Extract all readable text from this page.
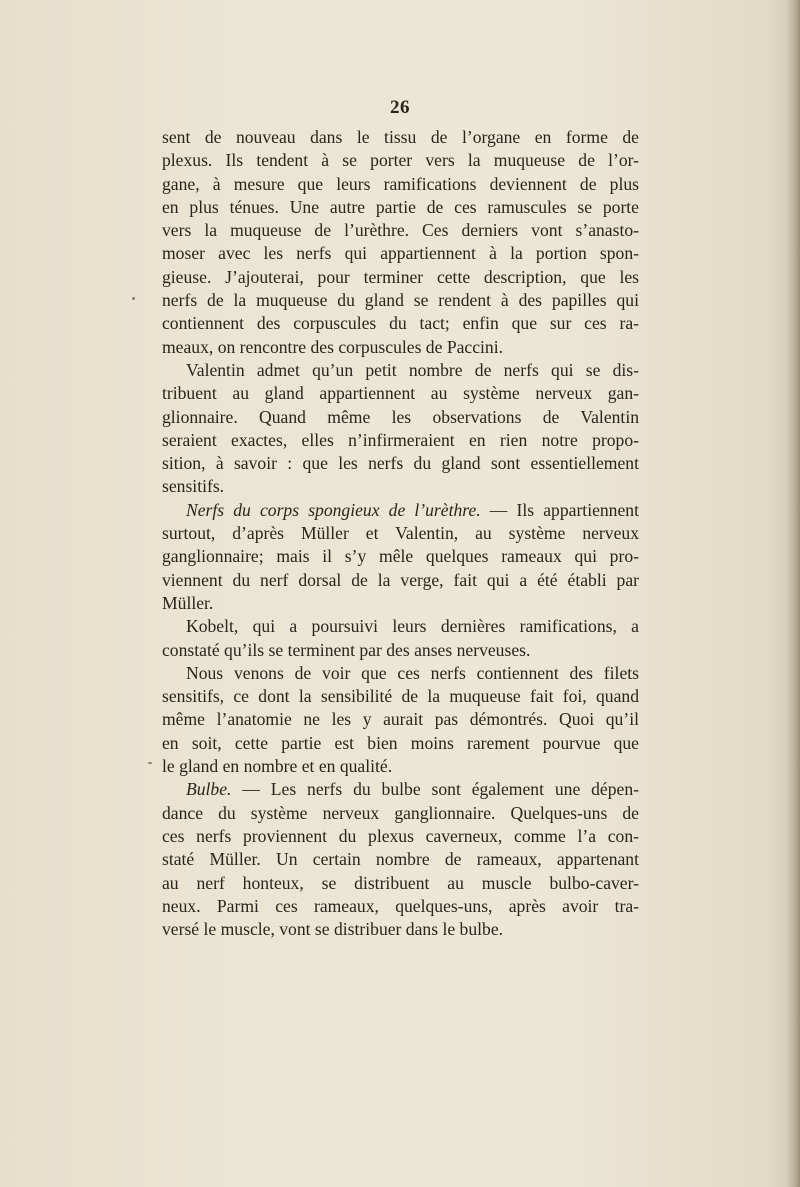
26
sent de nouveau dans le tissu de l’organe en forme de
plexus. Ils tendent à se porter vers la muqueuse de l’or-
gane, à mesure que leurs ramifications deviennent de plus
en plus ténues. Une autre partie de ces ramuscules se porte
vers la muqueuse de l’urèthre. Ces derniers vont s’anasto-
moser avec les nerfs qui appartiennent à la portion spon-
gieuse. J’ajouterai, pour terminer cette description, que les
nerfs de la muqueuse du gland se rendent à des papilles qui
contiennent des corpuscules du tact; enfin que sur ces ra-
meaux, on rencontre des corpuscules de Paccini.
Valentin admet qu’un petit nombre de nerfs qui se dis-
tribuent au gland appartiennent au système nerveux gan-
glionnaire. Quand même les observations de Valentin
seraient exactes, elles n’infirmeraient en rien notre propo-
sition, à savoir : que les nerfs du gland sont essentiellement
sensitifs.
Nerfs du corps spongieux de l’urèthre. — Ils appartiennent
surtout, d’après Müller et Valentin, au système nerveux
ganglionnaire; mais il s’y mêle quelques rameaux qui pro-
viennent du nerf dorsal de la verge, fait qui a été établi par
Müller.
Kobelt, qui a poursuivi leurs dernières ramifications, a
constaté qu’ils se terminent par des anses nerveuses.
Nous venons de voir que ces nerfs contiennent des filets
sensitifs, ce dont la sensibilité de la muqueuse fait foi, quand
même l’anatomie ne les y aurait pas démontrés. Quoi qu’il
en soit, cette partie est bien moins rarement pourvue que
le gland en nombre et en qualité.
Bulbe. — Les nerfs du bulbe sont également une dépen-
dance du système nerveux ganglionnaire. Quelques-uns de
ces nerfs proviennent du plexus caverneux, comme l’a con-
staté Müller. Un certain nombre de rameaux, appartenant
au nerf honteux, se distribuent au muscle bulbo-caver-
neux. Parmi ces rameaux, quelques-uns, après avoir tra-
versé le muscle, vont se distribuer dans le bulbe.
